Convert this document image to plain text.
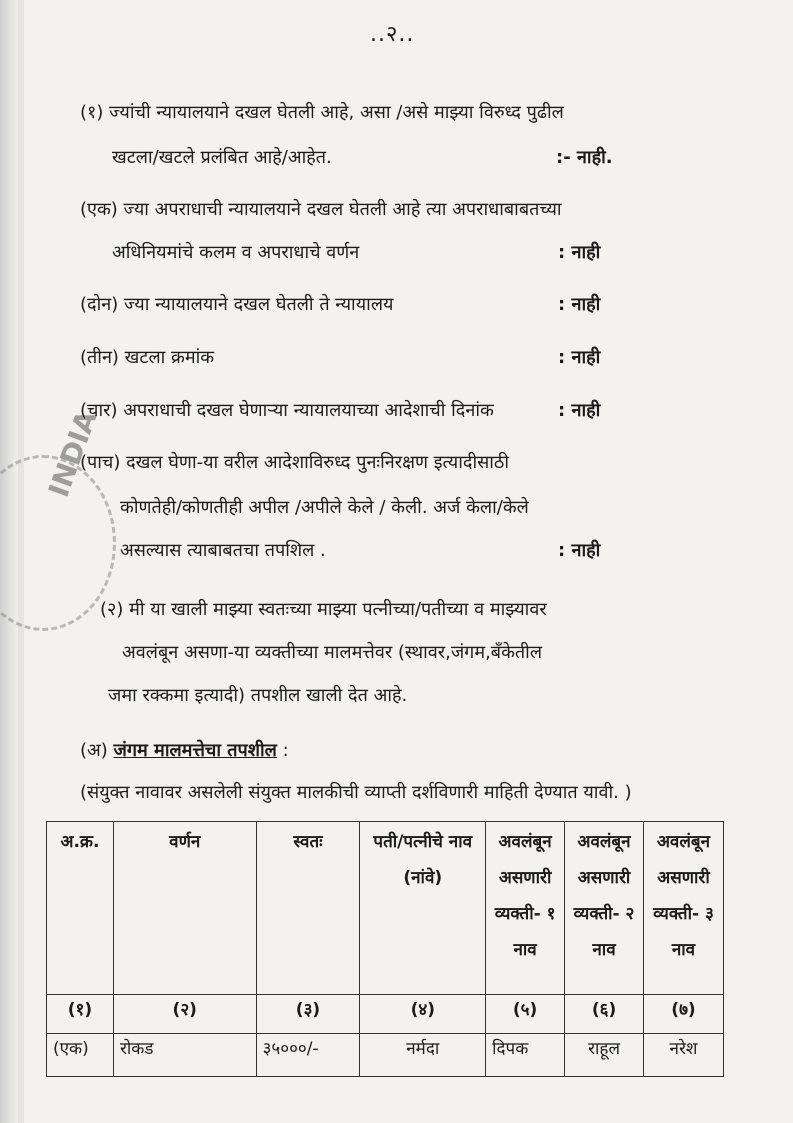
INDIA
..२..
(१) ज्यांची न्यायालयाने दखल घेतली आहे, असा /असे माझ्या विरुध्द पुढील
खटला/खटले प्रलंबित आहे/आहेत.	:- नाही.
(एक) ज्या अपराधाची न्यायालयाने दखल घेतली आहे त्या अपराधाबाबतच्या
अधिनियमांचे कलम व अपराधाचे वर्णन	: नाही
(दोन) ज्या न्यायालयाने दखल घेतली ते न्यायालय	: नाही
(तीन) खटला क्रमांक	: नाही
(चार) अपराधाची दखल घेणाऱ्या न्यायालयाच्या आदेशाची दिनांक	: नाही
(पाच) दखल घेणा-या वरील आदेशाविरुध्द पुनःनिरक्षण इत्यादीसाठी
कोणतेही/कोणतीही अपील /अपीले केले / केली. अर्ज केला/केले
असल्यास त्याबाबतचा तपशिल .	: नाही
(२) मी या खाली माझ्या स्वतःच्या माझ्या पत्नीच्या/पतीच्या व माझ्यावर
अवलंबून असणा-या व्यक्तीच्या मालमत्तेवर (स्थावर,जंगम,बँकेतील
जमा रक्कमा इत्यादी) तपशील खाली देत आहे.
(अ) जंगम मालमत्तेचा तपशील :
(संयुक्त नावावर असलेली संयुक्त मालकीची व्याप्ती दर्शविणारी माहिती देण्यात यावी. )
अ.क्र.	वर्णन	स्वतः	पती/पत्नीचे नाव (नांवे)	अवलंबून असणारी व्यक्ती- १ नाव	अवलंबून असणारी व्यक्ती- २ नाव	अवलंबून असणारी व्यक्ती- ३ नाव
(१)	(२)	(३)	(४)	(५)	(६)	(७)
(एक)	रोकड	३५०००/-	नर्मदा	दिपक	राहूल	नरेश
